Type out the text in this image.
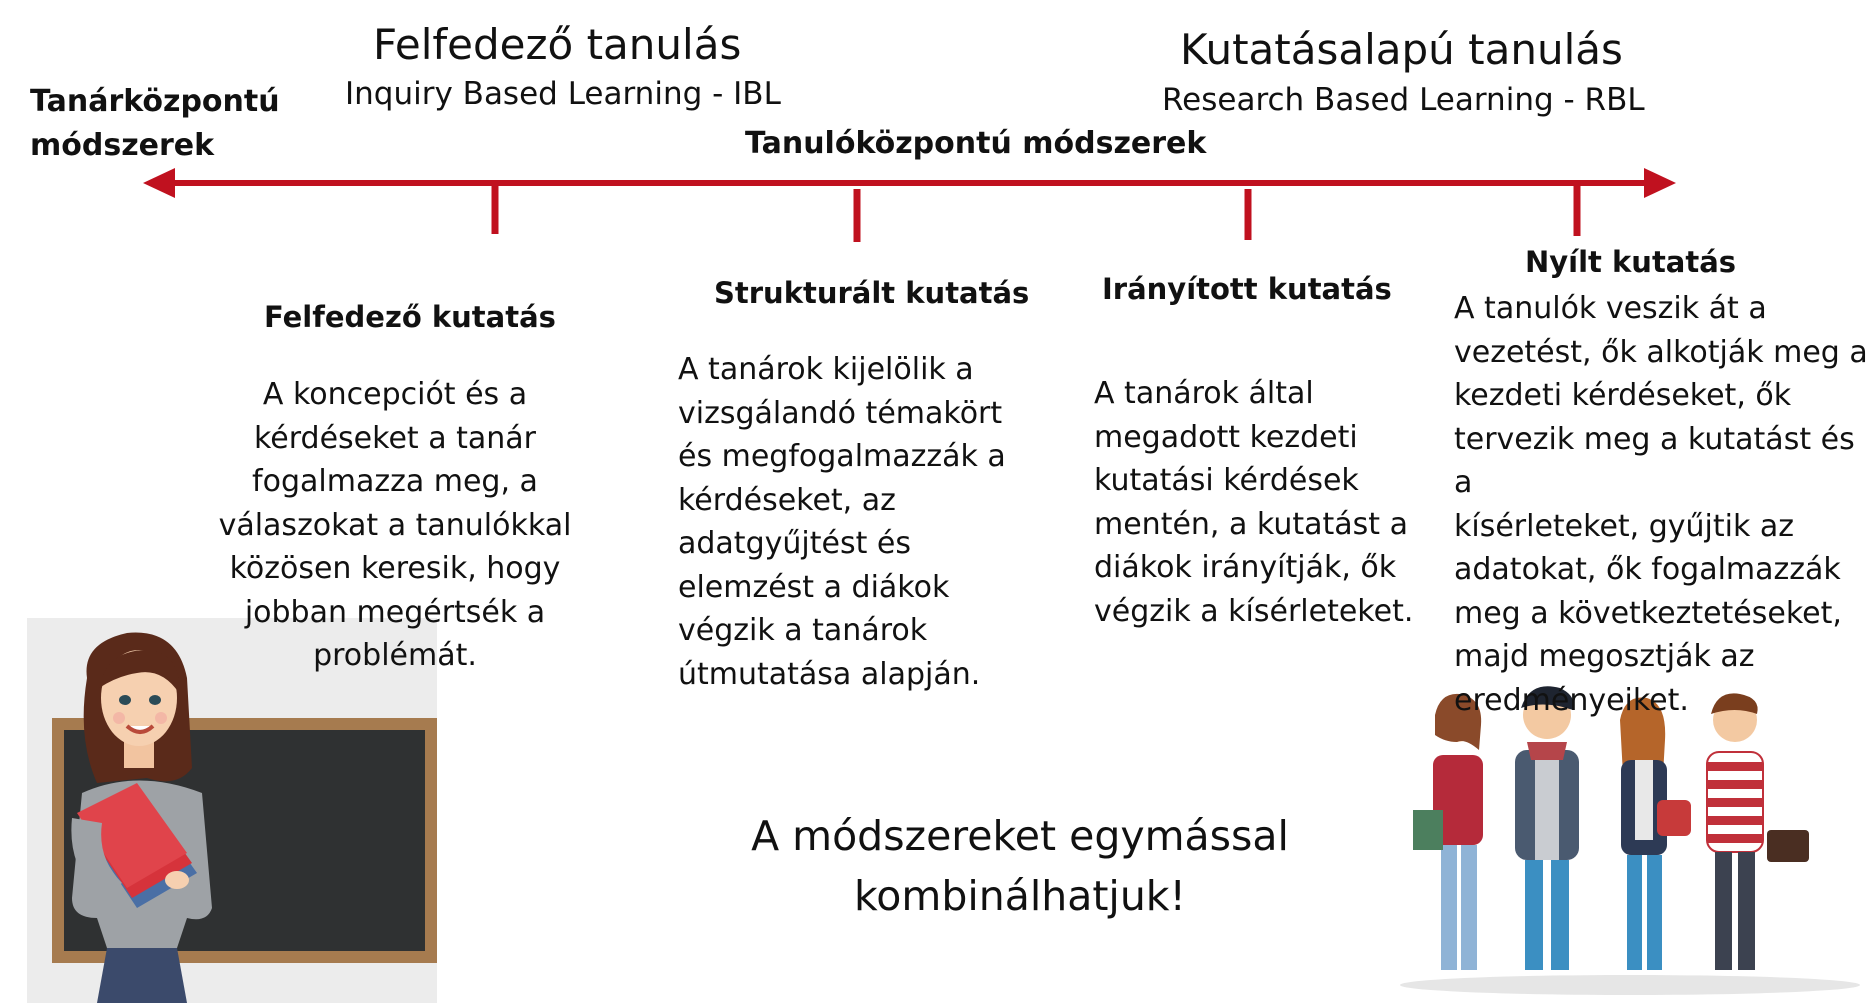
Felfedező tanulás
Inquiry Based Learning - IBL
Kutatásalapú tanulás
Research Based Learning - RBL
Tanárközpontú
módszerek	Tanulóközpontú módszerek
Felfedező kutatás
A koncepciót és a
kérdéseket a tanár
fogalmazza meg, a
válaszokat a tanulókkal
közösen keresik, hogy
jobban megértsék a
problémát.
Strukturált kutatás
A tanárok kijelölik a
vizsgálandó témakört
és megfogalmazzák a
kérdéseket, az
adatgyűjtést és
elemzést a diákok
végzik a tanárok
útmutatása alapján.
Irányított kutatás
A tanárok által
megadott kezdeti
kutatási kérdések
mentén, a kutatást a
diákok irányítják, ők
végzik a kísérleteket.
Nyílt kutatás
A tanulók veszik át a
vezetést, ők alkotják meg a
kezdeti kérdéseket, ők
tervezik meg a kutatást és a
kísérleteket, gyűjtik az
adatokat, ők fogalmazzák
meg a következtetéseket,
majd megosztják az
eredményeiket.
A módszereket egymással
kombinálhatjuk!
